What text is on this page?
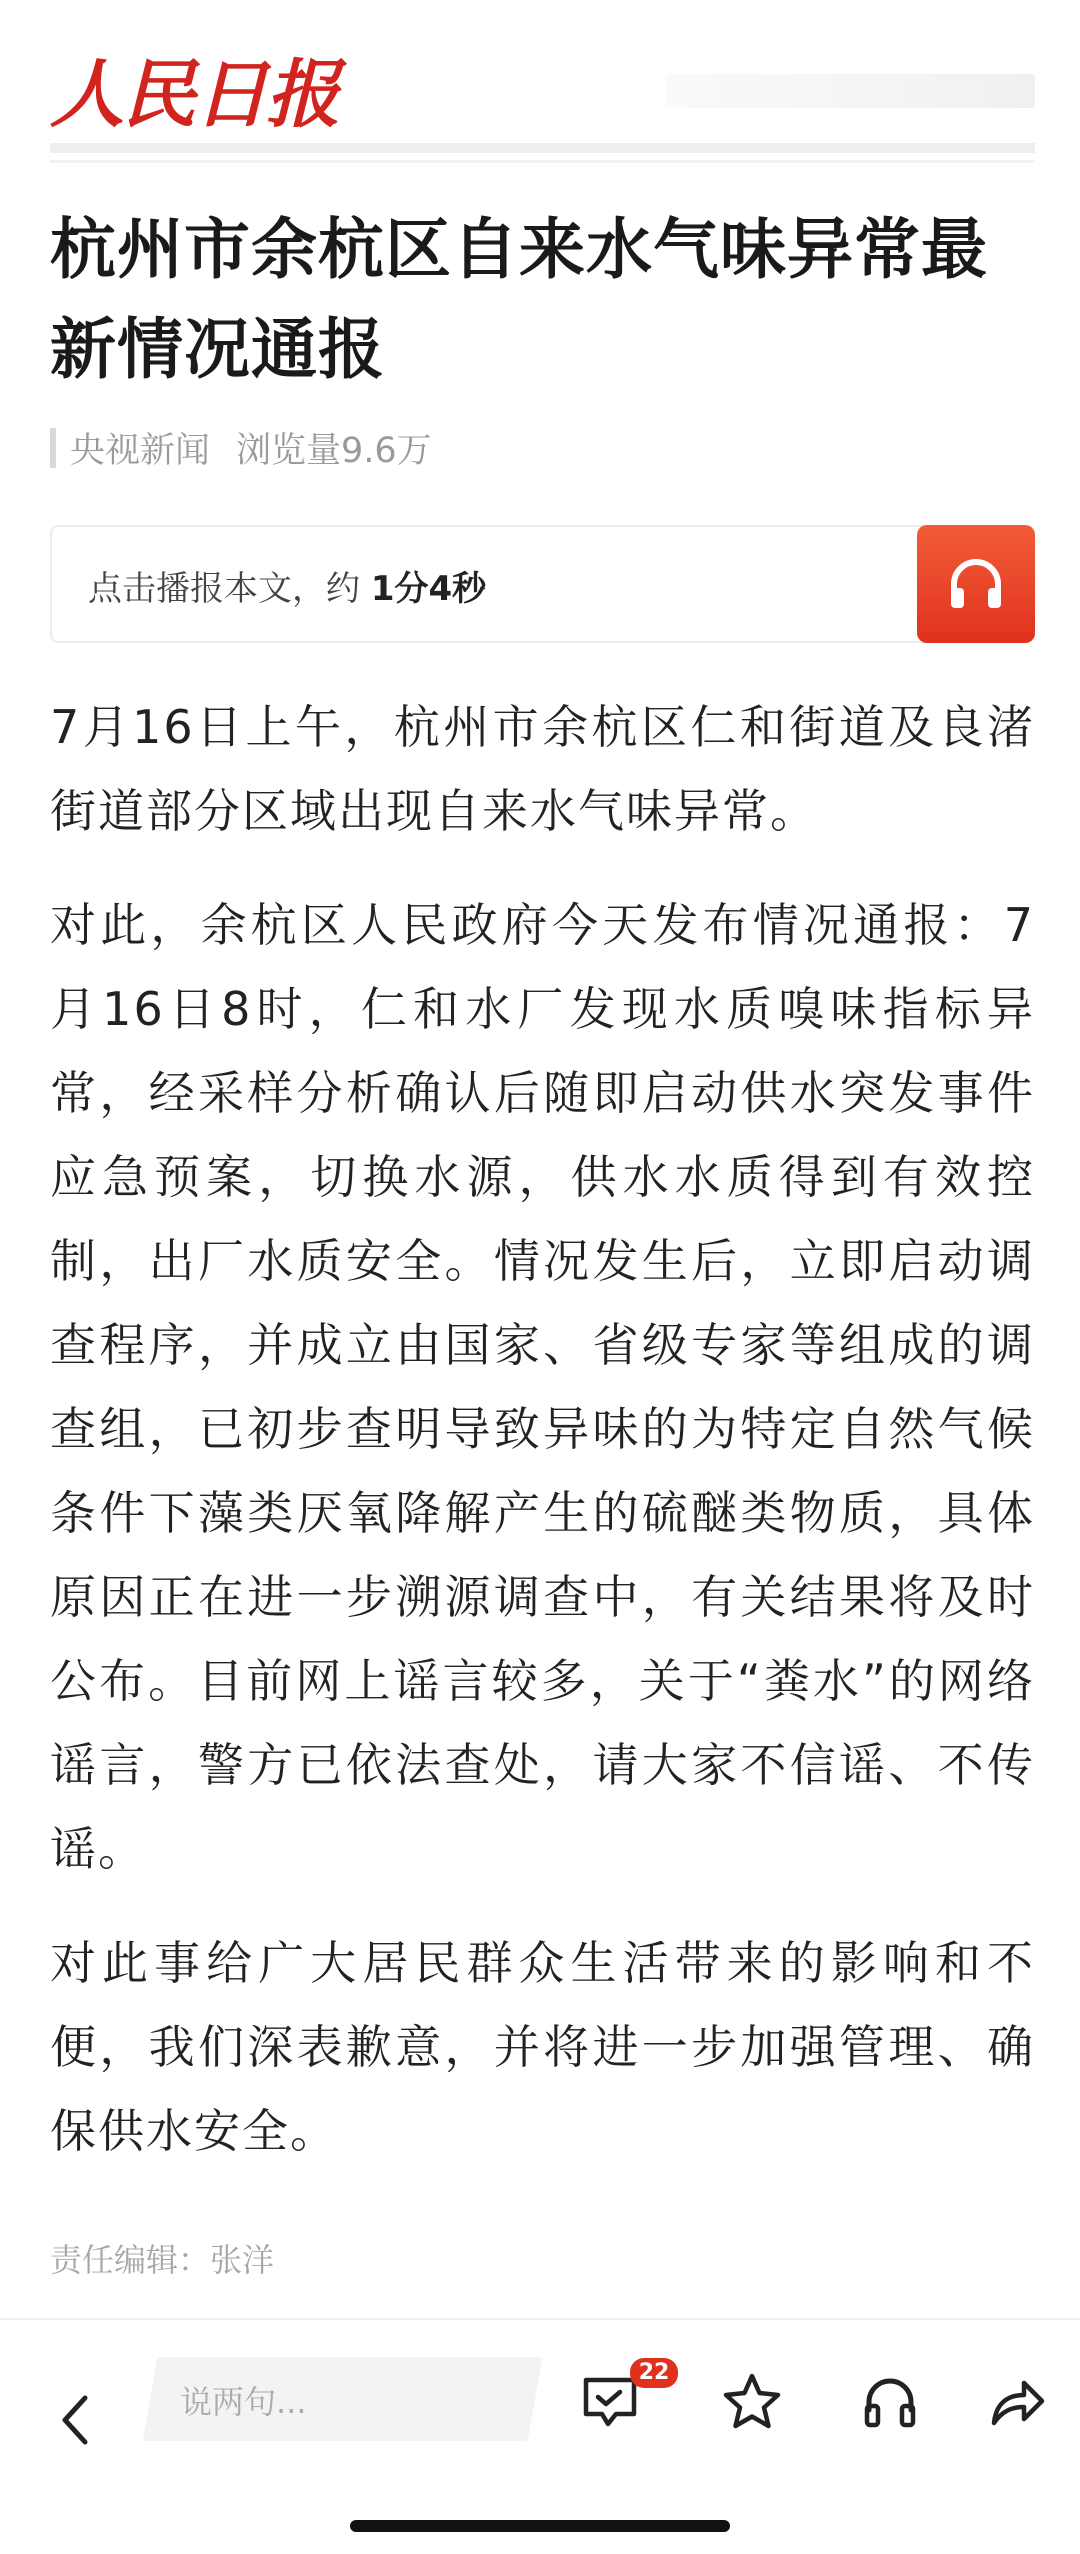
人民日报
杭州市余杭区自来水气味异常最新情况通报
央视新闻 浏览量9.6万
点击播报本文，约 1分4秒

7月16日上午，杭州市余杭区仁和街道及良渚街道部分区域出现自来水气味异常。

对此，余杭区人民政府今天发布情况通报：7月16日8时，仁和水厂发现水质嗅味指标异常，经采样分析确认后随即启动供水突发事件应急预案，切换水源，供水水质得到有效控制，出厂水质安全。情况发生后，立即启动调查程序，并成立由国家、省级专家等组成的调查组，已初步查明导致异味的为特定自然气候条件下藻类厌氧降解产生的硫醚类物质，具体原因正在进一步溯源调查中，有关结果将及时公布。目前网上谣言较多，关于“粪水”的网络谣言，警方已依法查处，请大家不信谣、不传谣。

对此事给广大居民群众生活带来的影响和不便，我们深表歉意，并将进一步加强管理、确保供水安全。

责任编辑：张洋
说两句...
22
